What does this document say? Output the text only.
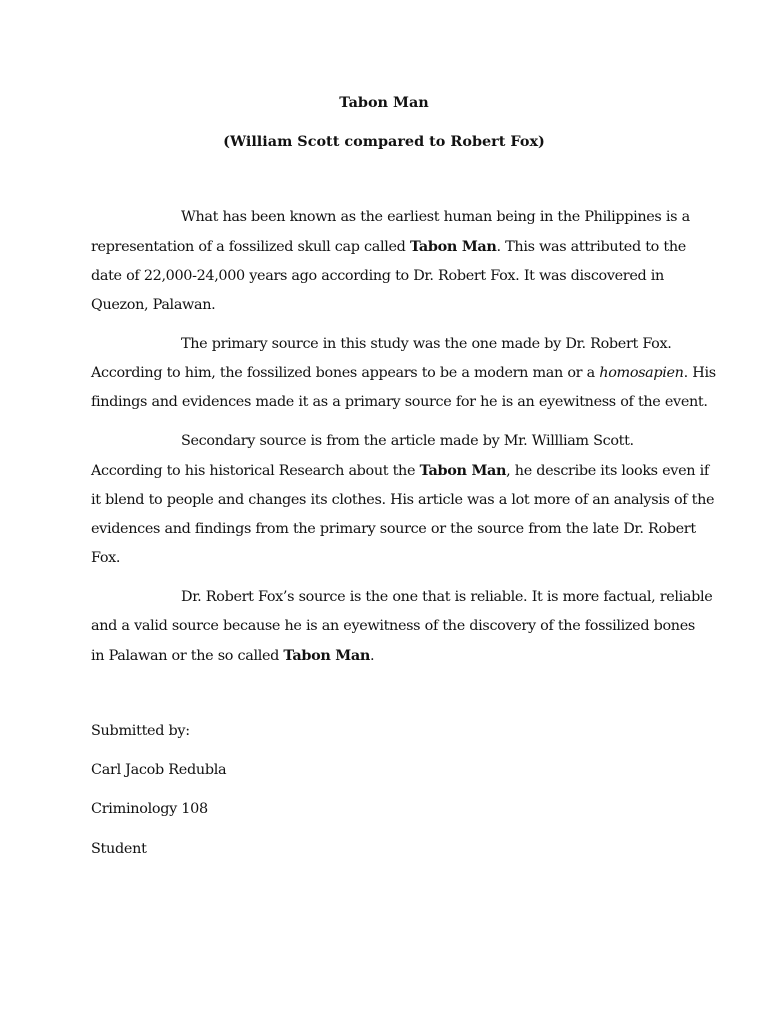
Tabon Man
(William Scott compared to Robert Fox)

What has been known as the earliest human being in the Philippines is a
representation of a fossilized skull cap called Tabon Man. This was attributed to the
date of 22,000-24,000 years ago according to Dr. Robert Fox. It was discovered in
Quezon, Palawan.

The primary source in this study was the one made by Dr. Robert Fox.
According to him, the fossilized bones appears to be a modern man or a homosapien. His
findings and evidences made it as a primary source for he is an eyewitness of the event.

Secondary source is from the article made by Mr. Willliam Scott.
According to his historical Research about the Tabon Man, he describe its looks even if
it blend to people and changes its clothes. His article was a lot more of an analysis of the
evidences and findings from the primary source or the source from the late Dr. Robert
Fox.

Dr. Robert Fox’s source is the one that is reliable. It is more factual, reliable
and a valid source because he is an eyewitness of the discovery of the fossilized bones
in Palawan or the so called Tabon Man.

Submitted by:

Carl Jacob Redubla

Criminology 108

Student
